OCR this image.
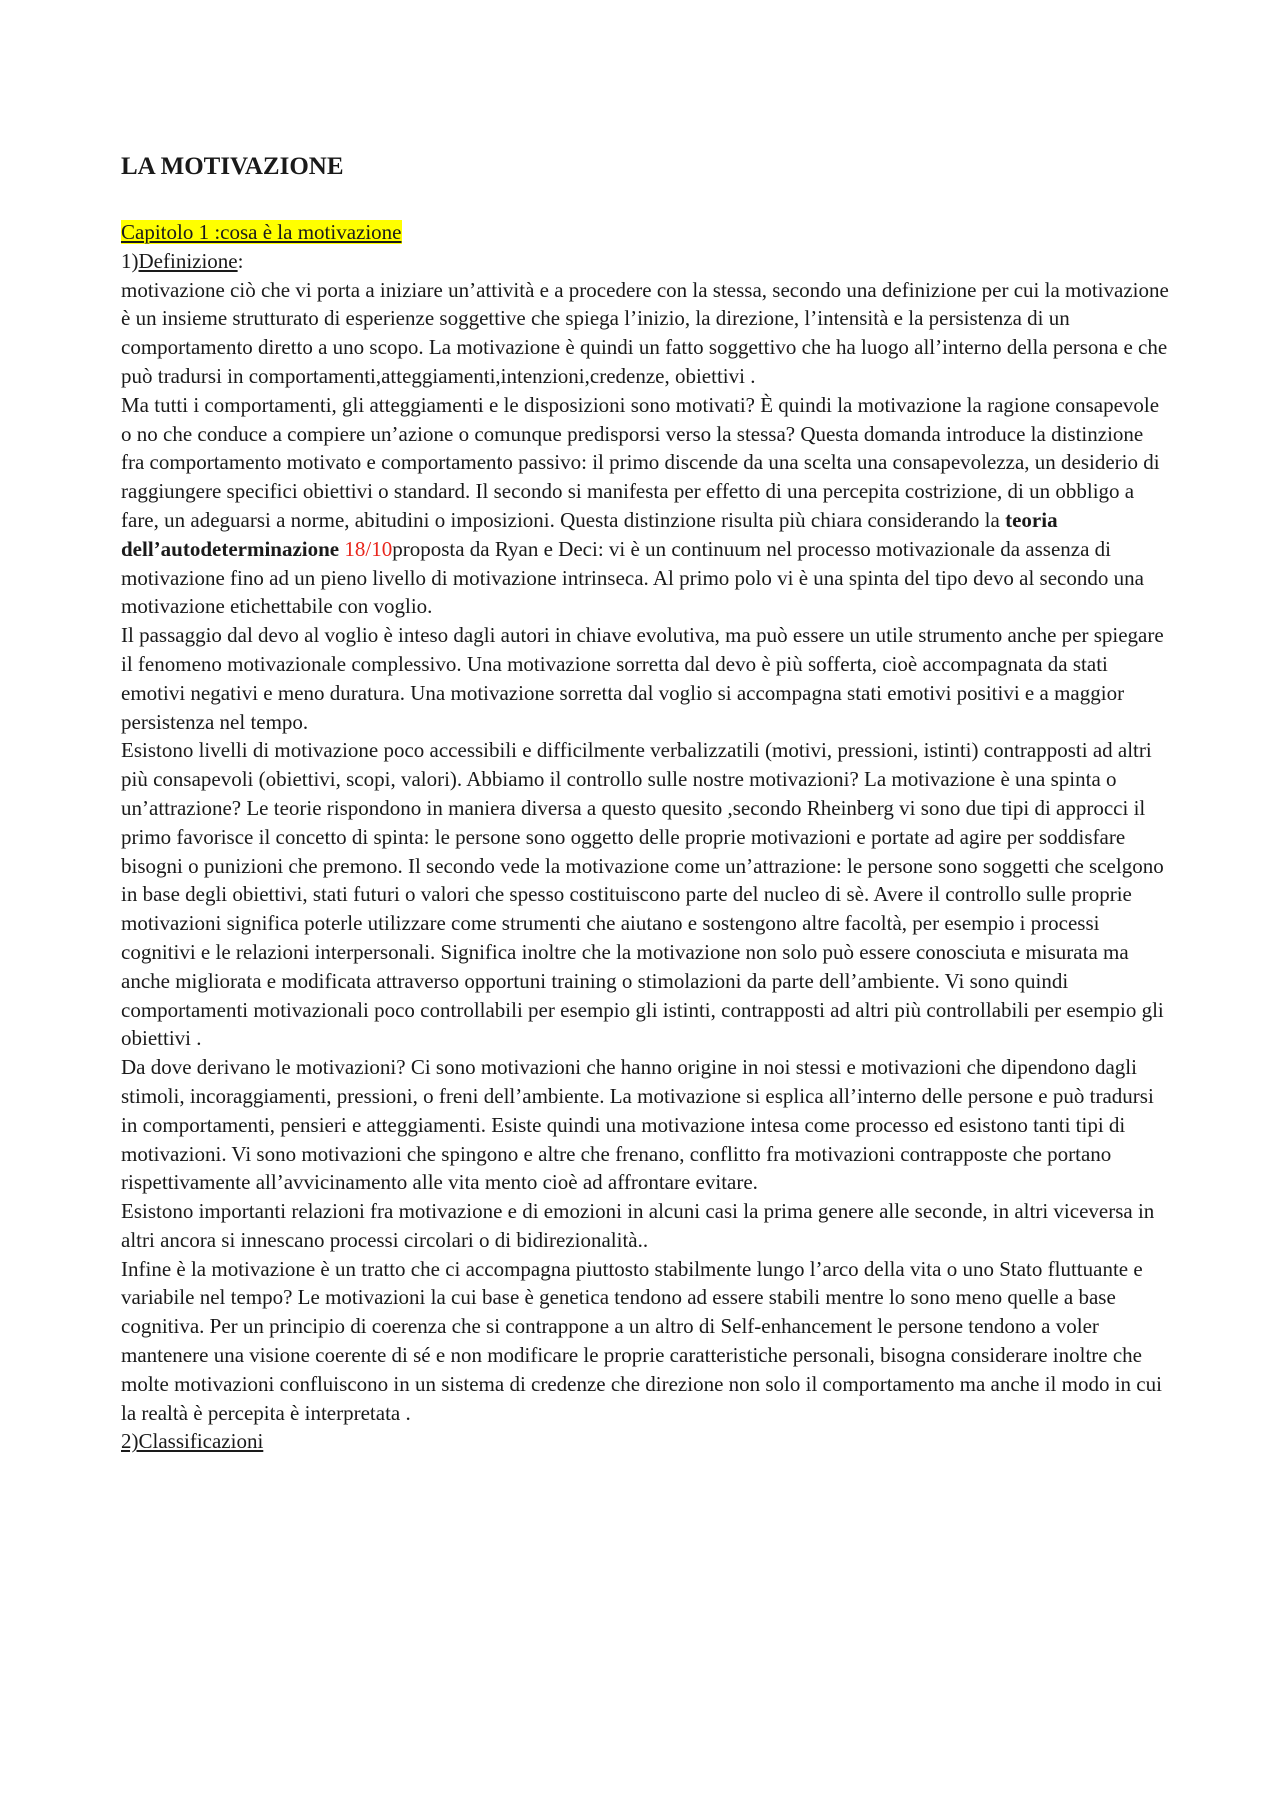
LA MOTIVAZIONE
Capitolo 1 :cosa è la motivazione
1)Definizione:

motivazione ciò che vi porta a iniziare un’attività e a procedere con la stessa, secondo una definizione per cui la motivazione è un insieme strutturato di esperienze soggettive che spiega l’inizio, la direzione, l’intensità e la persistenza di un comportamento diretto a uno scopo. La motivazione è quindi un fatto soggettivo che ha luogo all’interno della persona e che può tradursi in comportamenti,atteggiamenti,intenzioni,credenze, obiettivi .

Ma tutti i comportamenti, gli atteggiamenti e le disposizioni sono motivati? È quindi la motivazione la ragione consapevole o no che conduce a compiere un’azione o comunque predisporsi verso la stessa? Questa domanda introduce la distinzione fra comportamento motivato e comportamento passivo: il primo discende da una scelta una consapevolezza, un desiderio di raggiungere specifici obiettivi o standard. Il secondo si manifesta per effetto di una percepita costrizione, di un obbligo a fare, un adeguarsi a norme, abitudini o imposizioni. Questa distinzione risulta più chiara considerando la teoria dell’autodeterminazione 18/10proposta da Ryan e Deci: vi è un continuum nel processo motivazionale da assenza di motivazione fino ad un pieno livello di motivazione intrinseca. Al primo polo vi è una spinta del tipo devo al secondo una motivazione etichettabile con voglio.

Il passaggio dal devo al voglio è inteso dagli autori in chiave evolutiva, ma può essere un utile strumento anche per spiegare il fenomeno motivazionale complessivo. Una motivazione sorretta dal devo è più sofferta, cioè accompagnata da stati emotivi negativi e meno duratura. Una motivazione sorretta dal voglio si accompagna stati emotivi positivi e a maggior persistenza nel tempo.

Esistono livelli di motivazione poco accessibili e difficilmente verbalizzatili (motivi, pressioni, istinti) contrapposti ad altri più consapevoli (obiettivi, scopi, valori). Abbiamo il controllo sulle nostre motivazioni? La motivazione è una spinta o un’attrazione? Le teorie rispondono in maniera diversa a questo quesito ,secondo Rheinberg vi sono due tipi di approcci il primo favorisce il concetto di spinta: le persone sono oggetto delle proprie motivazioni e portate ad agire per soddisfare bisogni o punizioni che premono. Il secondo vede la motivazione come un’attrazione: le persone sono soggetti che scelgono in base degli obiettivi, stati futuri o valori che spesso costituiscono parte del nucleo di sè. Avere il controllo sulle proprie motivazioni significa poterle utilizzare come strumenti che aiutano e sostengono altre facoltà, per esempio i processi cognitivi e le relazioni interpersonali. Significa inoltre che la motivazione non solo può essere conosciuta e misurata ma anche migliorata e modificata attraverso opportuni training o stimolazioni da parte dell’ambiente. Vi sono quindi comportamenti motivazionali poco controllabili per esempio gli istinti, contrapposti ad altri più controllabili per esempio gli obiettivi .

Da dove derivano le motivazioni? Ci sono motivazioni che hanno origine in noi stessi e motivazioni che dipendono dagli stimoli, incoraggiamenti, pressioni, o freni dell’ambiente. La motivazione si esplica all’interno delle persone e può tradursi in comportamenti, pensieri e atteggiamenti. Esiste quindi una motivazione intesa come processo ed esistono tanti tipi di motivazioni. Vi sono motivazioni che spingono e altre che frenano, conflitto fra motivazioni contrapposte che portano rispettivamente all’avvicinamento alle vita mento cioè ad affrontare evitare.

Esistono importanti relazioni fra motivazione e di emozioni in alcuni casi la prima genere alle seconde, in altri viceversa in altri ancora si innescano processi circolari o di bidirezionalità..

Infine è la motivazione è un tratto che ci accompagna piuttosto stabilmente lungo l’arco della vita o uno Stato fluttuante e variabile nel tempo? Le motivazioni la cui base è genetica tendono ad essere stabili mentre lo sono meno quelle a base cognitiva. Per un principio di coerenza che si contrappone a un altro di Self-enhancement le persone tendono a voler mantenere una visione coerente di sé e non modificare le proprie caratteristiche personali, bisogna considerare inoltre che molte motivazioni confluiscono in un sistema di credenze che direzione non solo il comportamento ma anche il modo in cui la realtà è percepita è interpretata .

2)Classificazioni
